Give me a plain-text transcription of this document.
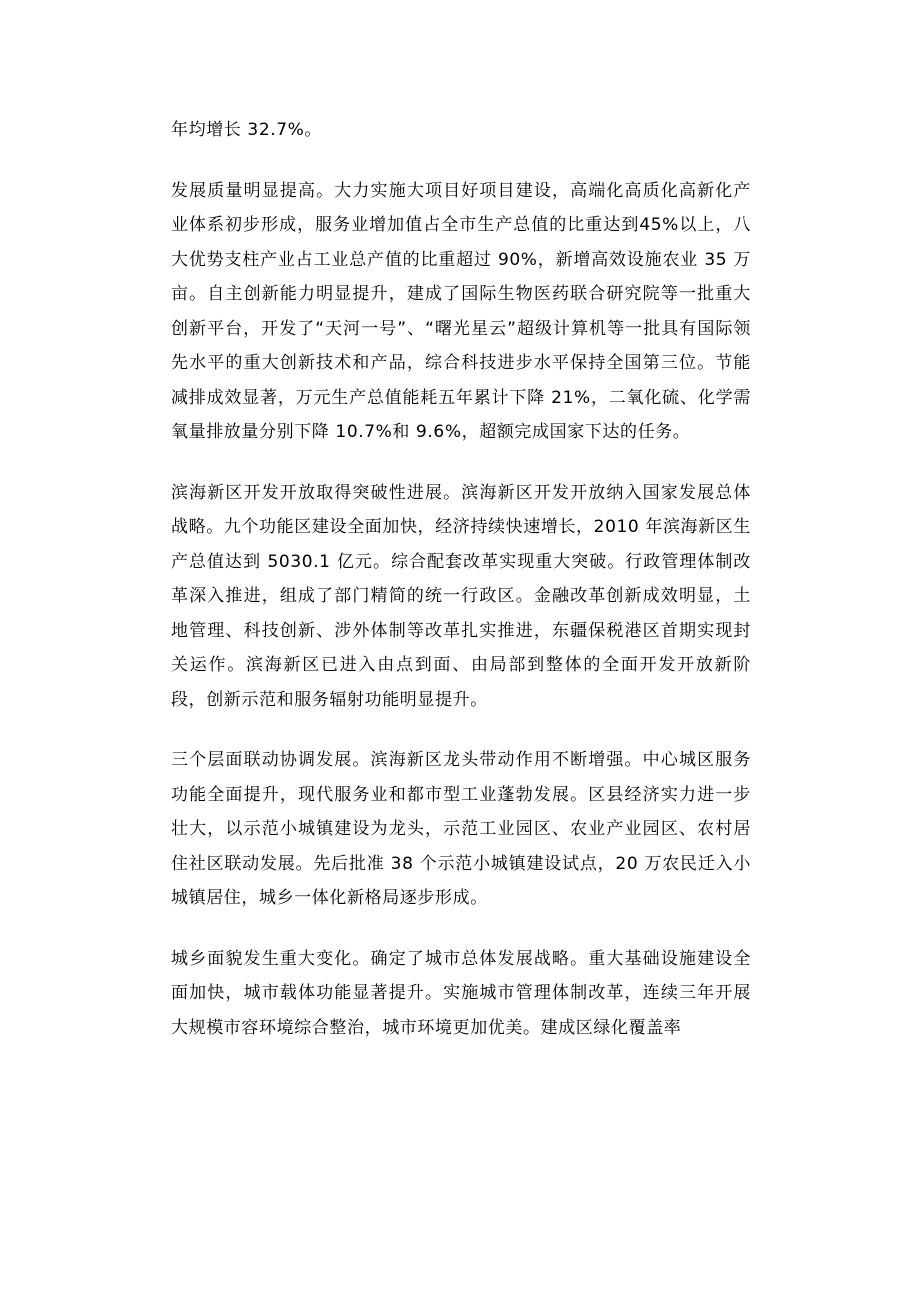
年均增长 32.7%。

发展质量明显提高。大力实施大项目好项目建设，高端化高质化高新化产业体系初步形成，服务业增加值占全市生产总值的比重达到45%以上，八大优势支柱产业占工业总产值的比重超过 90%，新增高效设施农业 35 万亩。自主创新能力明显提升，建成了国际生物医药联合研究院等一批重大创新平台，开发了“天河一号”、“曙光星云”超级计算机等一批具有国际领先水平的重大创新技术和产品，综合科技进步水平保持全国第三位。节能减排成效显著，万元生产总值能耗五年累计下降 21%，二氧化硫、化学需氧量排放量分别下降 10.7%和 9.6%，超额完成国家下达的任务。

滨海新区开发开放取得突破性进展。滨海新区开发开放纳入国家发展总体战略。九个功能区建设全面加快，经济持续快速增长，2010 年滨海新区生产总值达到 5030.1 亿元。综合配套改革实现重大突破。行政管理体制改革深入推进，组成了部门精简的统一行政区。金融改革创新成效明显，土地管理、科技创新、涉外体制等改革扎实推进，东疆保税港区首期实现封关运作。滨海新区已进入由点到面、由局部到整体的全面开发开放新阶段，创新示范和服务辐射功能明显提升。

三个层面联动协调发展。滨海新区龙头带动作用不断增强。中心城区服务功能全面提升，现代服务业和都市型工业蓬勃发展。区县经济实力进一步壮大，以示范小城镇建设为龙头，示范工业园区、农业产业园区、农村居住社区联动发展。先后批准 38 个示范小城镇建设试点，20 万农民迁入小城镇居住，城乡一体化新格局逐步形成。

城乡面貌发生重大变化。确定了城市总体发展战略。重大基础设施建设全面加快，城市载体功能显著提升。实施城市管理体制改革，连续三年开展大规模市容环境综合整治，城市环境更加优美。建成区绿化覆盖率
